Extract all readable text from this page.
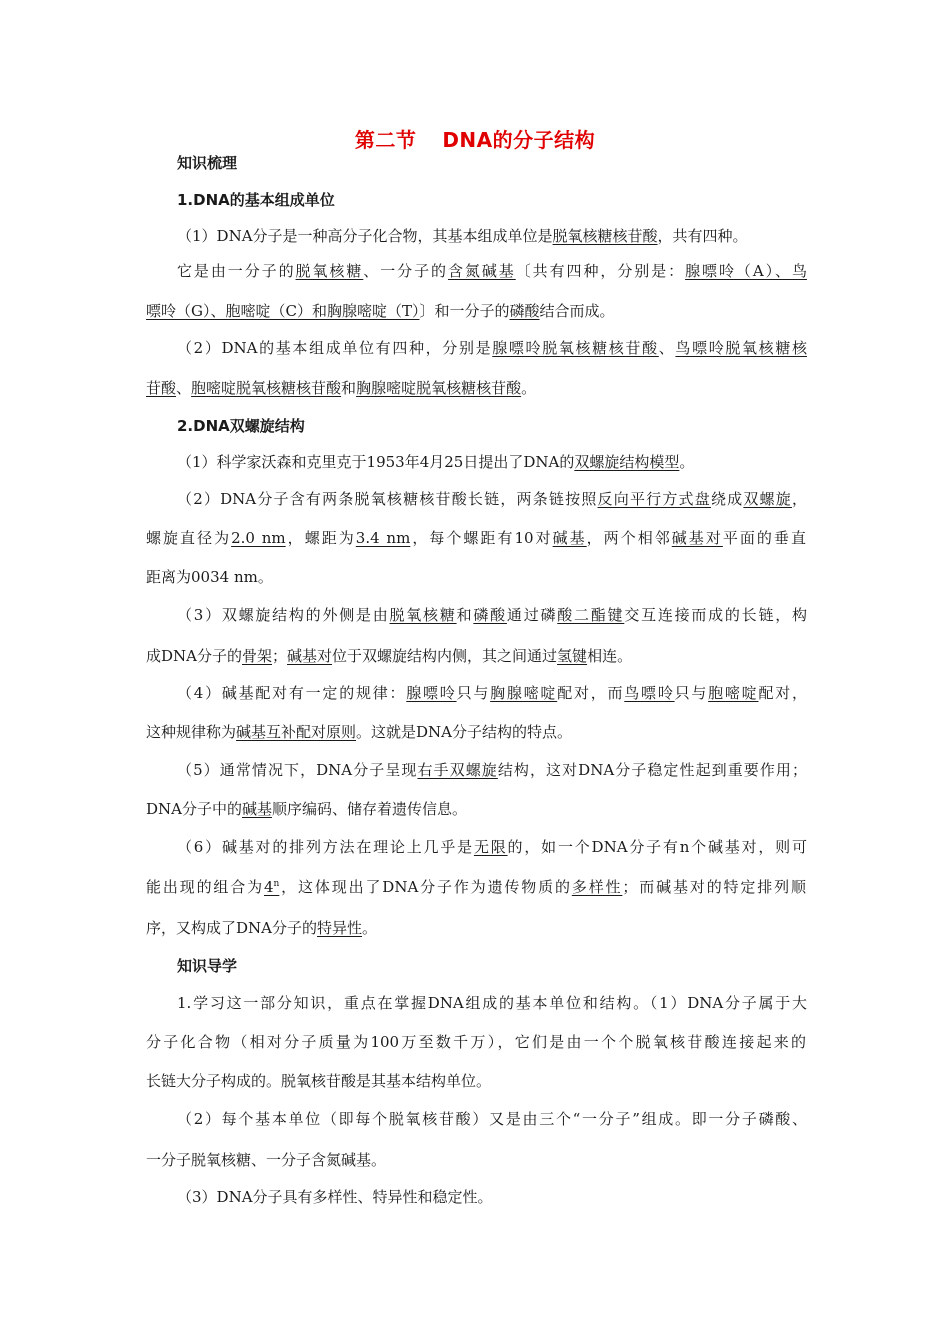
第二节 DNA的分子结构
知识梳理
1.DNA的基本组成单位
（1）DNA分子是一种高分子化合物，其基本组成单位是脱氧核糖核苷酸，共有四种。
它是由一分子的脱氧核糖、一分子的含氮碱基〔共有四种，分别是：腺嘌呤（A）、鸟
嘌呤（G）、胞嘧啶（C）和胸腺嘧啶（T）〕和一分子的磷酸结合而成。
（2）DNA的基本组成单位有四种，分别是腺嘌呤脱氧核糖核苷酸、鸟嘌呤脱氧核糖核
苷酸、胞嘧啶脱氧核糖核苷酸和胸腺嘧啶脱氧核糖核苷酸。
2.DNA双螺旋结构
（1）科学家沃森和克里克于1953年4月25日提出了DNA的双螺旋结构模型。
（2）DNA分子含有两条脱氧核糖核苷酸长链，两条链按照反向平行方式盘绕成双螺旋，
螺旋直径为2.0 nm，螺距为3.4 nm，每个螺距有10对碱基，两个相邻碱基对平面的垂直
距离为0034 nm。
（3）双螺旋结构的外侧是由脱氧核糖和磷酸通过磷酸二酯键交互连接而成的长链，构
成DNA分子的骨架；碱基对位于双螺旋结构内侧，其之间通过氢键相连。
（4）碱基配对有一定的规律：腺嘌呤只与胸腺嘧啶配对，而鸟嘌呤只与胞嘧啶配对，
这种规律称为碱基互补配对原则。这就是DNA分子结构的特点。
（5）通常情况下，DNA分子呈现右手双螺旋结构，这对DNA分子稳定性起到重要作用；
DNA分子中的碱基顺序编码、储存着遗传信息。
（6）碱基对的排列方法在理论上几乎是无限的，如一个DNA分子有n个碱基对，则可
能出现的组合为4$^n$，这体现出了DNA分子作为遗传物质的多样性；而碱基对的特定排列顺
序，又构成了DNA分子的特异性。
知识导学
1.学习这一部分知识，重点在掌握DNA组成的基本单位和结构。（1）DNA分子属于大
分子化合物（相对分子质量为100万至数千万），它们是由一个个脱氧核苷酸连接起来的
长链大分子构成的。脱氧核苷酸是其基本结构单位。
（2）每个基本单位（即每个脱氧核苷酸）又是由三个“一分子”组成。即一分子磷酸、
一分子脱氧核糖、一分子含氮碱基。
（3）DNA分子具有多样性、特异性和稳定性。
